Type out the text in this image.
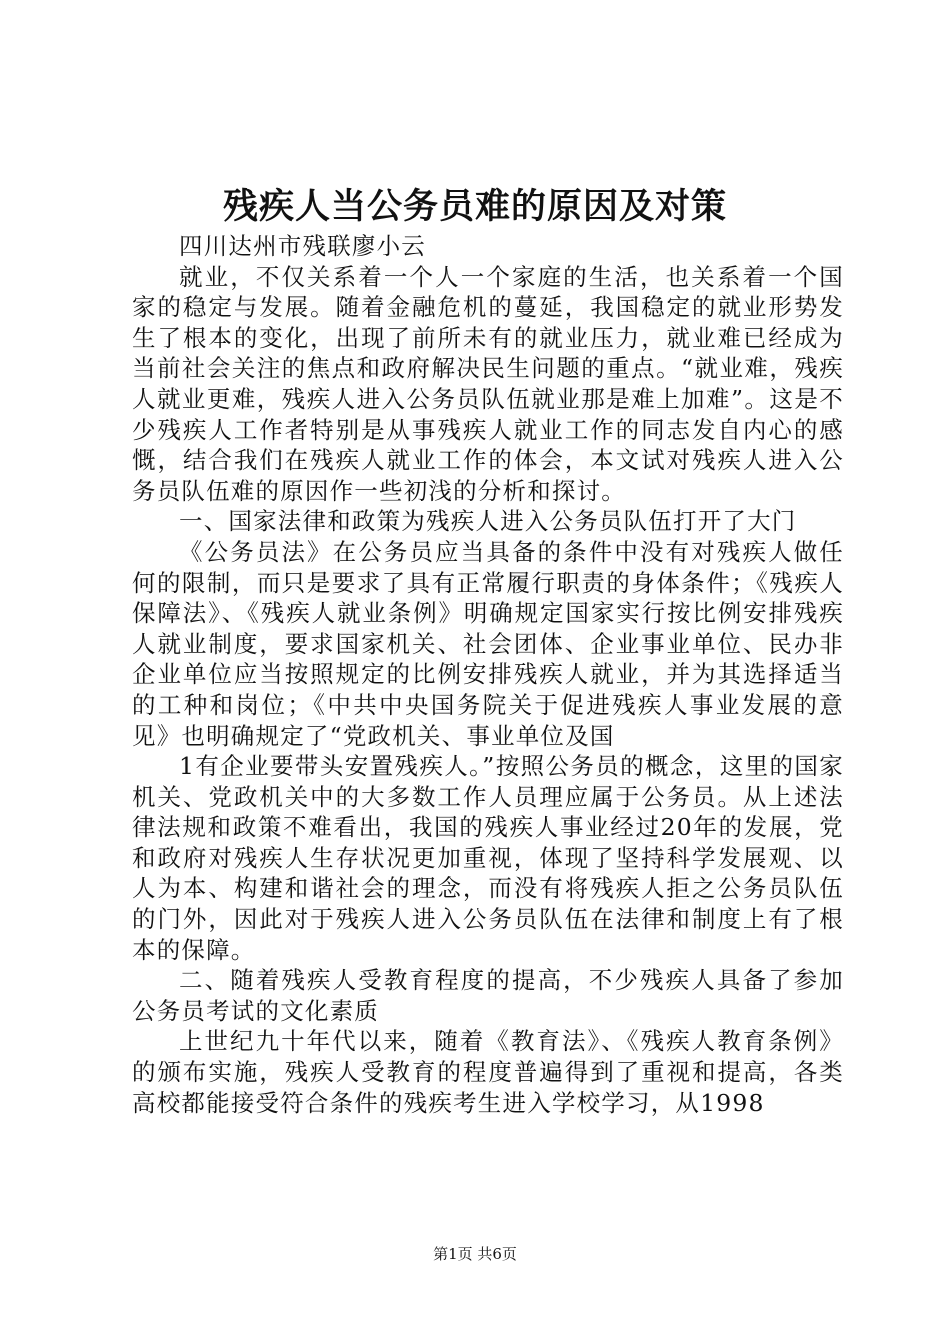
残疾人当公务员难的原因及对策

四川达州市残联廖小云

就业，不仅关系着一个人一个家庭的生活，也关系着一个国家的稳定与发展。随着金融危机的蔓延，我国稳定的就业形势发生了根本的变化，出现了前所未有的就业压力，就业难已经成为当前社会关注的焦点和政府解决民生问题的重点。“就业难，残疾人就业更难，残疾人进入公务员队伍就业那是难上加难”。这是不少残疾人工作者特别是从事残疾人就业工作的同志发自内心的感慨，结合我们在残疾人就业工作的体会，本文试对残疾人进入公务员队伍难的原因作一些初浅的分析和探讨。

一、国家法律和政策为残疾人进入公务员队伍打开了大门

《公务员法》在公务员应当具备的条件中没有对残疾人做任何的限制，而只是要求了具有正常履行职责的身体条件；《残疾人保障法》、《残疾人就业条例》明确规定国家实行按比例安排残疾人就业制度，要求国家机关、社会团体、企业事业单位、民办非企业单位应当按照规定的比例安排残疾人就业，并为其选择适当的工种和岗位；《中共中央国务院关于促进残疾人事业发展的意见》也明确规定了“党政机关、事业单位及国

1有企业要带头安置残疾人。”按照公务员的概念，这里的国家机关、党政机关中的大多数工作人员理应属于公务员。从上述法律法规和政策不难看出，我国的残疾人事业经过20年的发展，党和政府对残疾人生存状况更加重视，体现了坚持科学发展观、以人为本、构建和谐社会的理念，而没有将残疾人拒之公务员队伍的门外，因此对于残疾人进入公务员队伍在法律和制度上有了根本的保障。

二、随着残疾人受教育程度的提高，不少残疾人具备了参加公务员考试的文化素质

上世纪九十年代以来，随着《教育法》、《残疾人教育条例》的颁布实施，残疾人受教育的程度普遍得到了重视和提高，各类高校都能接受符合条件的残疾考生进入学校学习，从1998

第1页 共6页
